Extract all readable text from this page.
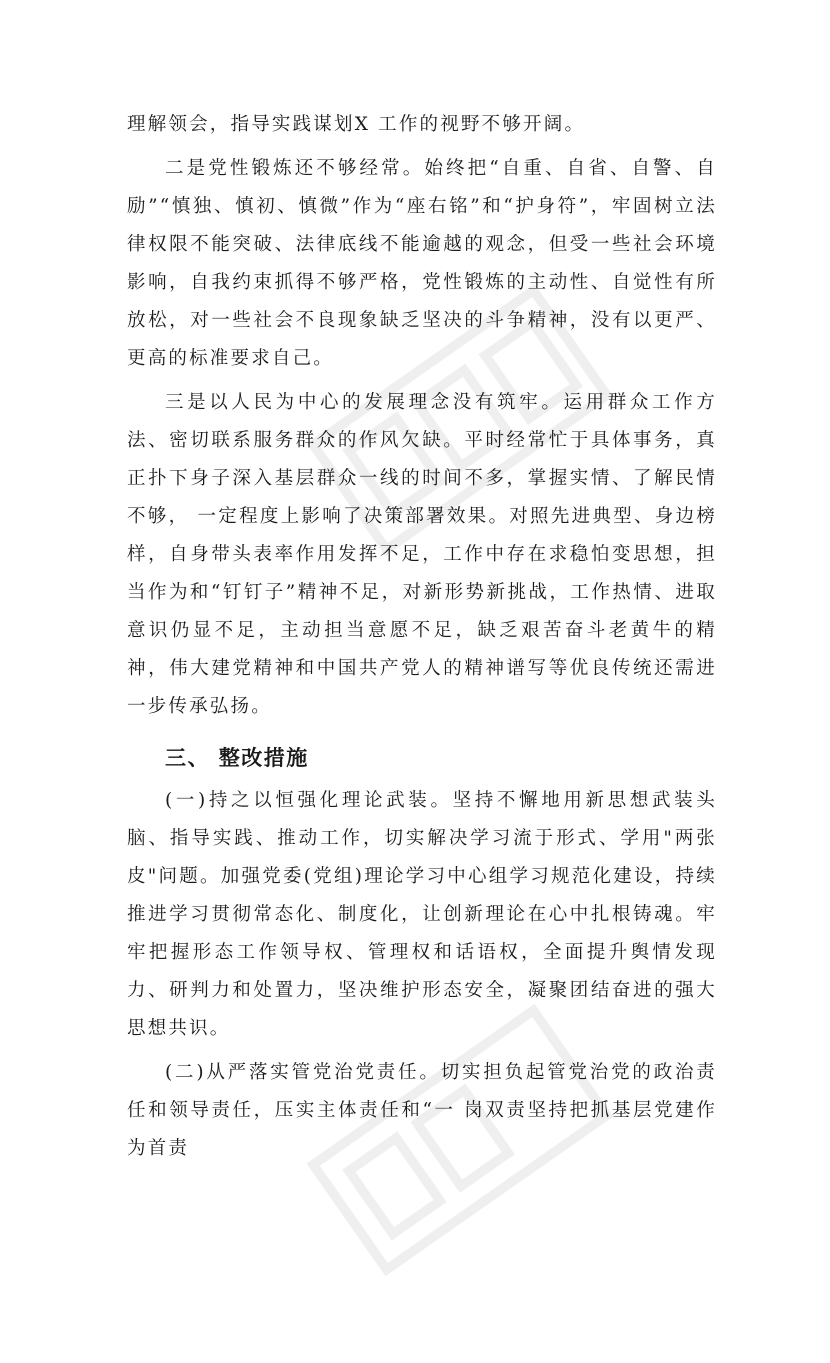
理解领会，指导实践谋划X 工作的视野不够开阔。

二是党性锻炼还不够经常。始终把“自重、自省、自警、自励”“慎独、慎初、慎微”作为“座右铭”和“护身符”，牢固树立法律权限不能突破、法律底线不能逾越的观念，但受一些社会环境影响，自我约束抓得不够严格，党性锻炼的主动性、自觉性有所放松，对一些社会不良现象缺乏坚决的斗争精神，没有以更严、更高的标准要求自己。

三是以人民为中心的发展理念没有筑牢。运用群众工作方法、密切联系服务群众的作风欠缺。平时经常忙于具体事务，真正扑下身子深入基层群众一线的时间不多，掌握实情、了解民情不够， 一定程度上影响了决策部署效果。对照先进典型、身边榜样，自身带头表率作用发挥不足，工作中存在求稳怕变思想，担当作为和“钉钉子”精神不足，对新形势新挑战，工作热情、进取意识仍显不足，主动担当意愿不足，缺乏艰苦奋斗老黄牛的精神，伟大建党精神和中国共产党人的精神谱写等优良传统还需进一步传承弘扬。

三、 整改措施

(一)持之以恒强化理论武装。坚持不懈地用新思想武装头脑、指导实践、推动工作，切实解决学习流于形式、学用"两张皮"问题。加强党委(党组)理论学习中心组学习规范化建设，持续推进学习贯彻常态化、制度化，让创新理论在心中扎根铸魂。牢牢把握形态工作领导权、管理权和话语权，全面提升舆情发现力、研判力和处置力，坚决维护形态安全，凝聚团结奋进的强大思想共识。

(二)从严落实管党治党责任。切实担负起管党治党的政治责任和领导责任，压实主体责任和“一 岗双责坚持把抓基层党建作为首责
